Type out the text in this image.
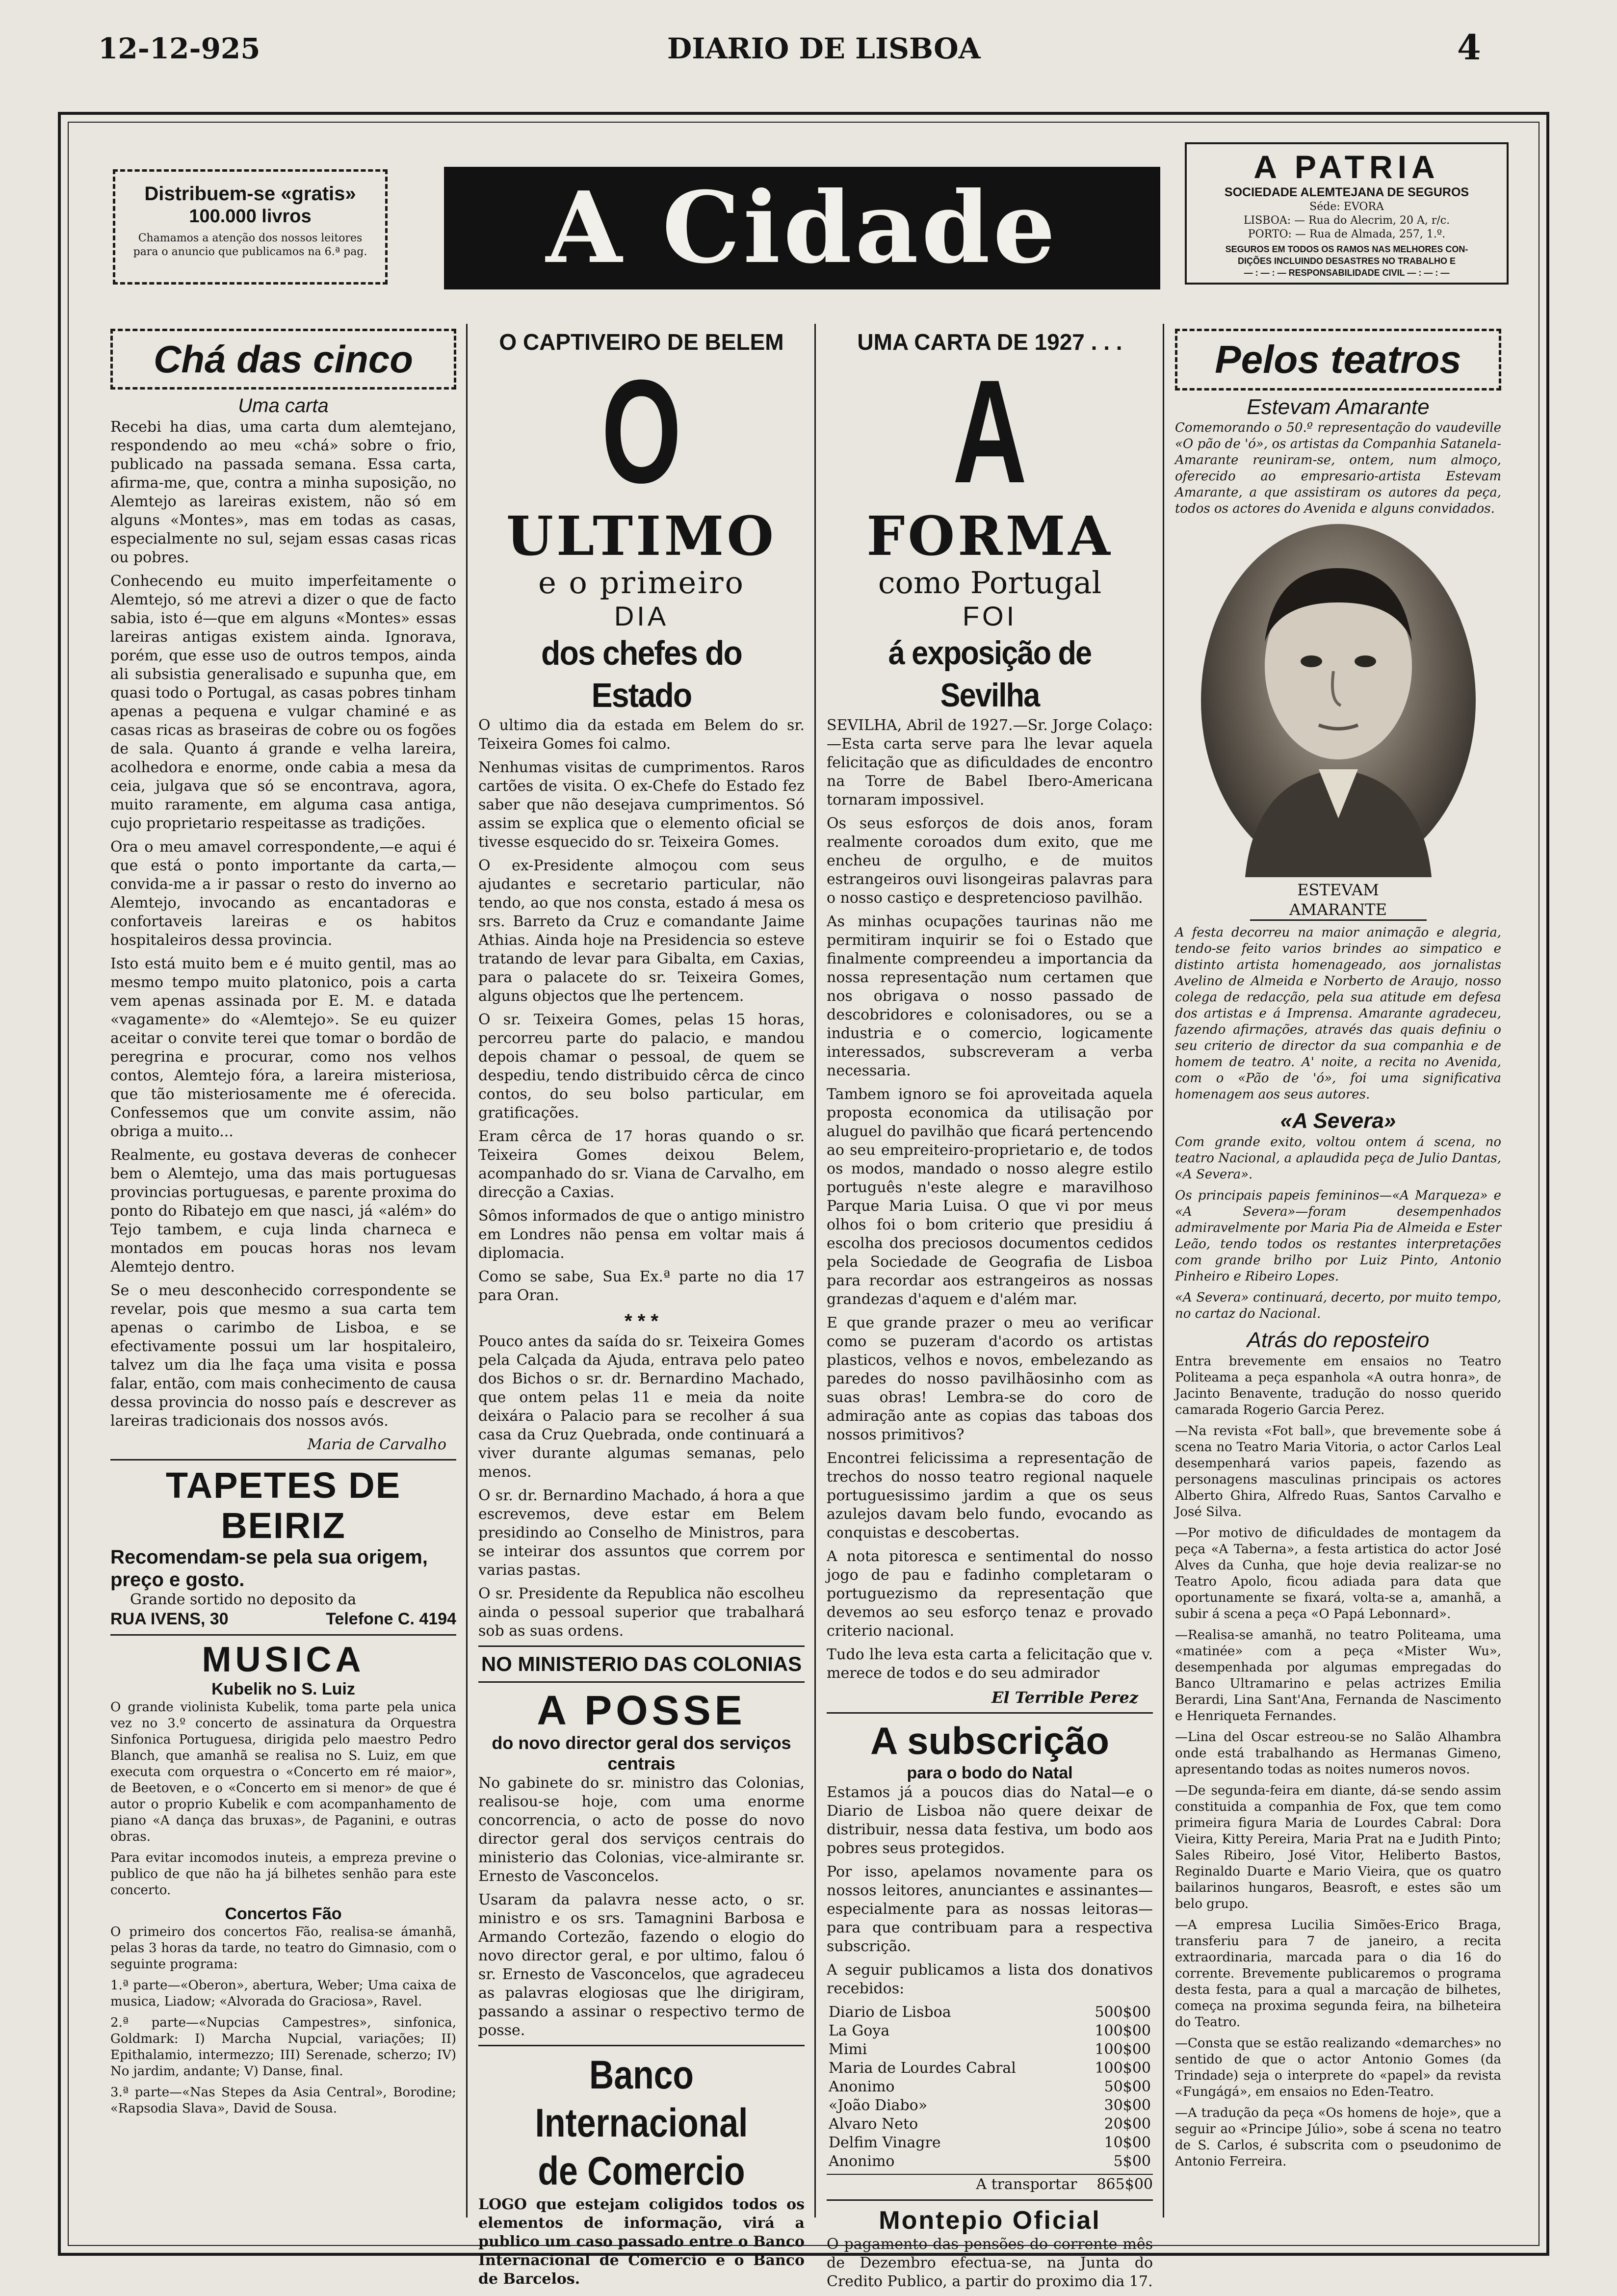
12-12-925	DIARIO DE LISBOA	4
Distribuem-se «gratis»
100.000 livros
Chamamos a atenção dos nossos leitores
para o anuncio que publicamos na 6.ª pag. A Cidade
A PATRIA
SOCIEDADE ALEMTEJANA DE SEGUROS
Séde: EVORA
LISBOA: — Rua do Alecrim, 20 A, r/c.
PORTO: — Rua de Almada, 257, 1.º.
SEGUROS EM TODOS OS RAMOS NAS MELHORES CON-
DIÇÕES INCLUINDO DESASTRES NO TRABALHO E
— : — : — RESPONSABILIDADE CIVIL — : — : —
Chá das cinco
Uma carta

Recebi ha dias, uma carta dum alemtejano, respondendo ao meu «chá» sobre o frio, publicado na passada semana. Essa carta, afirma-me, que, contra a minha suposição, no Alemtejo as lareiras existem, não só em alguns «Montes», mas em todas as casas, especialmente no sul, sejam essas casas ricas ou pobres.

Conhecendo eu muito imperfeitamente o Alemtejo, só me atrevi a dizer o que de facto sabia, isto é—que em alguns «Montes» essas lareiras antigas existem ainda. Ignorava, porém, que esse uso de outros tempos, ainda ali subsistia generalisado e supunha que, em quasi todo o Portugal, as casas pobres tinham apenas a pequena e vulgar chaminé e as casas ricas as braseiras de cobre ou os fogões de sala. Quanto á grande e velha lareira, acolhedora e enorme, onde cabia a mesa da ceia, julgava que só se encontrava, agora, muito raramente, em alguma casa antiga, cujo proprietario respeitasse as tradições.

Ora o meu amavel correspondente,—e aqui é que está o ponto importante da carta,—convida-me a ir passar o resto do inverno ao Alemtejo, invocando as encantadoras e confortaveis lareiras e os habitos hospitaleiros dessa provincia.

Isto está muito bem e é muito gentil, mas ao mesmo tempo muito platonico, pois a carta vem apenas assinada por E. M. e datada «vagamente» do «Alemtejo». Se eu quizer aceitar o convite terei que tomar o bordão de peregrina e procurar, como nos velhos contos, Alemtejo fóra, a lareira misteriosa, que tão misteriosamente me é oferecida. Confessemos que um convite assim, não obriga a muito...

Realmente, eu gostava deveras de conhecer bem o Alemtejo, uma das mais portuguesas provincias portuguesas, e parente proxima do ponto do Ribatejo em que nasci, já «além» do Tejo tambem, e cuja linda charneca e montados em poucas horas nos levam Alemtejo dentro.

Se o meu desconhecido correspondente se revelar, pois que mesmo a sua carta tem apenas o carimbo de Lisboa, e se efectivamente possui um lar hospitaleiro, talvez um dia lhe faça uma visita e possa falar, então, com mais conhecimento de causa dessa provincia do nosso país e descrever as lareiras tradicionais dos nossos avós.

Maria de Carvalho
TAPETES DE BEIRIZ
Recomendam-se pela sua origem, preço e gosto.
Grande sortido no deposito da
RUA IVENS, 30	Telefone C. 4194
MUSICA
Kubelik no S. Luiz

O grande violinista Kubelik, toma parte pela unica vez no 3.º concerto de assinatura da Orquestra Sinfonica Portuguesa, dirigida pelo maestro Pedro Blanch, que amanhã se realisa no S. Luiz, em que executa com orquestra o «Concerto em ré maior», de Beetoven, e o «Concerto em si menor» de que é autor o proprio Kubelik e com acompanhamento de piano «A dança das bruxas», de Paganini, e outras obras.

Para evitar incomodos inuteis, a empreza previne o publico de que não ha já bilhetes senhão para este concerto.

Concertos Fão

O primeiro dos concertos Fão, realisa-se ámanhã, pelas 3 horas da tarde, no teatro do Gimnasio, com o seguinte programa:

1.ª parte—«Oberon», abertura, Weber; Uma caixa de musica, Liadow; «Alvorada do Graciosa», Ravel.

2.ª parte—«Nupcias Campestres», sinfonica, Goldmark: I) Marcha Nupcial, variações; II) Epithalamio, intermezzo; III) Serenade, scherzo; IV) No jardim, andante; V) Danse, final.

3.ª parte—«Nas Stepes da Asia Central», Borodine; «Rapsodia Slava», David de Sousa.

O CAPTIVEIRO DE BELEM
O
ULTIMO
e o primeiro
DIA
dos chefes do Estado

O ultimo dia da estada em Belem do sr. Teixeira Gomes foi calmo.

Nenhumas visitas de cumprimentos. Raros cartões de visita. O ex-Chefe do Estado fez saber que não desejava cumprimentos. Só assim se explica que o elemento oficial se tivesse esquecido do sr. Teixeira Gomes.

O ex-Presidente almoçou com seus ajudantes e secretario particular, não tendo, ao que nos consta, estado á mesa os srs. Barreto da Cruz e comandante Jaime Athias. Ainda hoje na Presidencia so esteve tratando de levar para Gibalta, em Caxias, para o palacete do sr. Teixeira Gomes, alguns objectos que lhe pertencem.

O sr. Teixeira Gomes, pelas 15 horas, percorreu parte do palacio, e mandou depois chamar o pessoal, de quem se despediu, tendo distribuido cêrca de cinco contos, do seu bolso particular, em gratificações.

Eram cêrca de 17 horas quando o sr. Teixeira Gomes deixou Belem, acompanhado do sr. Viana de Carvalho, em direcção a Caxias.

Sômos informados de que o antigo ministro em Londres não pensa em voltar mais á diplomacia.

Como se sabe, Sua Ex.ª parte no dia 17 para Oran.

* * *

Pouco antes da saída do sr. Teixeira Gomes pela Calçada da Ajuda, entrava pelo pateo dos Bichos o sr. dr. Bernardino Machado, que ontem pelas 11 e meia da noite deixára o Palacio para se recolher á sua casa da Cruz Quebrada, onde continuará a viver durante algumas semanas, pelo menos.

O sr. dr. Bernardino Machado, á hora a que escrevemos, deve estar em Belem presidindo ao Conselho de Ministros, para se inteirar dos assuntos que correm por varias pastas.

O sr. Presidente da Republica não escolheu ainda o pessoal superior que trabalhará sob as suas ordens.

NO MINISTERIO DAS COLONIAS
A POSSE
do novo director geral dos serviços centrais

No gabinete do sr. ministro das Colonias, realisou-se hoje, com uma enorme concorrencia, o acto de posse do novo director geral dos serviços centrais do ministerio das Colonias, vice-almirante sr. Ernesto de Vasconcelos.

Usaram da palavra nesse acto, o sr. ministro e os srs. Tamagnini Barbosa e Armando Cortezão, fazendo o elogio do novo director geral, e por ultimo, falou ó sr. Ernesto de Vasconcelos, que agradeceu as palavras elogiosas que lhe dirigiram, passando a assinar o respectivo termo de posse.

Banco Internacional
de Comercio

LOGO que estejam coligidos todos os elementos de informação, virá a publico um caso passado entre o Banco Internacional de Comercio e o Banco de Barcelos.

UMA CARTA DE 1927 . . .
A
FORMA
como Portugal
FOI
á exposição de Sevilha

SEVILHA, Abril de 1927.—Sr. Jorge Colaço:—Esta carta serve para lhe levar aquela felicitação que as dificuldades de encontro na Torre de Babel Ibero-Americana tornaram impossivel.

Os seus esforços de dois anos, foram realmente coroados dum exito, que me encheu de orgulho, e de muitos estrangeiros ouvi lisongeiras palavras para o nosso castiço e despretencioso pavilhão.

As minhas ocupações taurinas não me permitiram inquirir se foi o Estado que finalmente compreendeu a importancia da nossa representação num certamen que nos obrigava o nosso passado de descobridores e colonisadores, ou se a industria e o comercio, logicamente interessados, subscreveram a verba necessaria.

Tambem ignoro se foi aproveitada aquela proposta economica da utilisação por aluguel do pavilhão que ficará pertencendo ao seu empreiteiro-proprietario e, de todos os modos, mandado o nosso alegre estilo português n'este alegre e maravilhoso Parque Maria Luisa. O que vi por meus olhos foi o bom criterio que presidiu á escolha dos preciosos documentos cedidos pela Sociedade de Geografia de Lisboa para recordar aos estrangeiros as nossas grandezas d'aquem e d'além mar.

E que grande prazer o meu ao verificar como se puzeram d'acordo os artistas plasticos, velhos e novos, embelezando as paredes do nosso pavilhãosinho com as suas obras! Lembra-se do coro de admiração ante as copias das taboas dos nossos primitivos?

Encontrei felicissima a representação de trechos do nosso teatro regional naquele portuguesissimo jardim a que os seus azulejos davam belo fundo, evocando as conquistas e descobertas.

A nota pitoresca e sentimental do nosso jogo de pau e fadinho completaram o portuguezismo da representação que devemos ao seu esforço tenaz e provado criterio nacional.

Tudo lhe leva esta carta a felicitação que v. merece de todos e do seu admirador

El Terrible Perez
A subscrição
para o bodo do Natal

Estamos já a poucos dias do Natal—e o Diario de Lisboa não quere deixar de distribuir, nessa data festiva, um bodo aos pobres seus protegidos.

Por isso, apelamos novamente para os nossos leitores, anunciantes e assinantes—especialmente para as nossas leitoras—para que contribuam para a respectiva subscrição.

A seguir publicamos a lista dos donativos recebidos:

Diario de Lisboa	500$00
La Goya	100$00
Mimi	100$00
Maria de Lourdes Cabral	100$00
Anonimo	50$00
«João Diabo»	30$00
Alvaro Neto	20$00
Delfim Vinagre	10$00
Anonimo	5$00
A transportar 865$00
Montepio Oficial

O pagamento das pensões do corrente mês de Dezembro efectua-se, na Junta do Credito Publico, a partir do proximo dia 17.

Pelos teatros
Estevam Amarante

Comemorando o 50.º representação do vaudeville «O pão de 'ó», os artistas da Companhia Satanela-Amarante reuniram-se, ontem, num almoço, oferecido ao empresario-artista Estevam Amarante, a que assistiram os autores da peça, todos os actores do Avenida e alguns convidados.

ESTEVAM AMARANTE

A festa decorreu na maior animação e alegria, tendo-se feito varios brindes ao simpatico e distinto artista homenageado, aos jornalistas Avelino de Almeida e Norberto de Araujo, nosso colega de redacção, pela sua atitude em defesa dos artistas e á Imprensa. Amarante agradeceu, fazendo afirmações, através das quais definiu o seu criterio de director da sua companhia e de homem de teatro. A' noite, a recita no Avenida, com o «Pão de 'ó», foi uma significativa homenagem aos seus autores.

«A Severa»

Com grande exito, voltou ontem á scena, no teatro Nacional, a aplaudida peça de Julio Dantas, «A Severa».

Os principais papeis femininos—«A Marqueza» e «A Severa»—foram desempenhados admiravelmente por Maria Pia de Almeida e Ester Leão, tendo todos os restantes interpretações com grande brilho por Luiz Pinto, Antonio Pinheiro e Ribeiro Lopes.

«A Severa» continuará, decerto, por muito tempo, no cartaz do Nacional.

Atrás do reposteiro

Entra brevemente em ensaios no Teatro Politeama a peça espanhola «A outra honra», de Jacinto Benavente, tradução do nosso querido camarada Rogerio Garcia Perez.

—Na revista «Fot ball», que brevemente sobe á scena no Teatro Maria Vitoria, o actor Carlos Leal desempenhará varios papeis, fazendo as personagens masculinas principais os actores Alberto Ghira, Alfredo Ruas, Santos Carvalho e José Silva.

—Por motivo de dificuldades de montagem da peça «A Taberna», a festa artistica do actor José Alves da Cunha, que hoje devia realizar-se no Teatro Apolo, ficou adiada para data que oportunamente se fixará, volta-se a, amanhã, a subir á scena a peça «O Papá Lebonnard».

—Realisa-se amanhã, no teatro Politeama, uma «matinée» com a peça «Mister Wu», desempenhada por algumas empregadas do Banco Ultramarino e pelas actrizes Emilia Berardi, Lina Sant'Ana, Fernanda de Nascimento e Henriqueta Fernandes.

—Lina del Oscar estreou-se no Salão Alhambra onde está trabalhando as Hermanas Gimeno, apresentando todas as noites numeros novos.

—De segunda-feira em diante, dá-se sendo assim constituida a companhia de Fox, que tem como primeira figura Maria de Lourdes Cabral: Dora Vieira, Kitty Pereira, Maria Prat na e Judith Pinto; Sales Ribeiro, José Vitor, Heliberto Bastos, Reginaldo Duarte e Mario Vieira, que os quatro bailarinos hungaros, Beasroft, e estes são um belo grupo.

—A empresa Lucilia Simões-Erico Braga, transferiu para 7 de janeiro, a recita extraordinaria, marcada para o dia 16 do corrente. Brevemente publicaremos o programa desta festa, para a qual a marcação de bilhetes, começa na proxima segunda feira, na bilheteira do Teatro.

—Consta que se estão realizando «demarches» no sentido de que o actor Antonio Gomes (da Trindade) seja o interprete do «papel» da revista «Fungágá», em ensaios no Eden-Teatro.

—A tradução da peça «Os homens de hoje», que a seguir ao «Principe Júlio», sobe á scena no teatro de S. Carlos, é subscrita com o pseudonimo de Antonio Ferreira.
